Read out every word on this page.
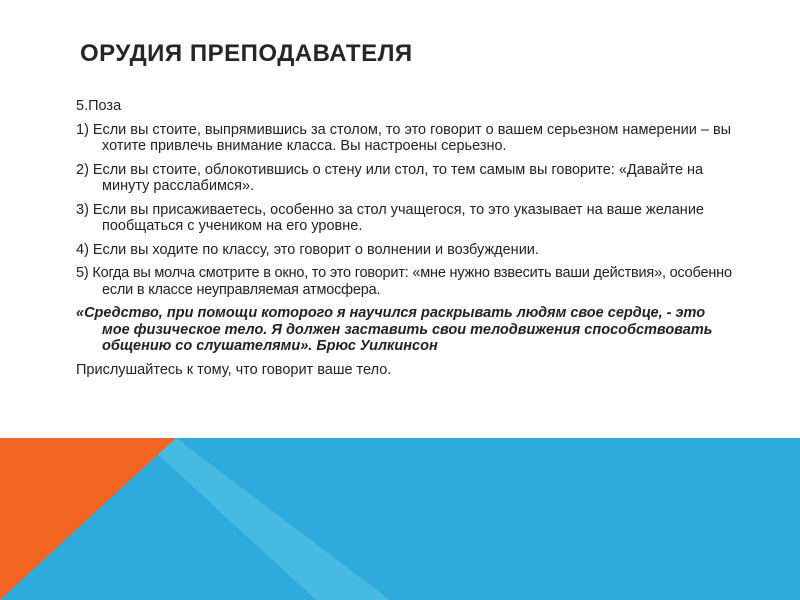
ОРУДИЯ ПРЕПОДАВАТЕЛЯ

5.Поза

1) Если вы стоите, выпрямившись за столом, то это говорит о вашем серьезном намерении – вы хотите привлечь внимание класса. Вы настроены серьезно.

2) Если вы стоите, облокотившись о стену или стол, то тем самым вы говорите: «Давайте на минуту расслабимся».

3) Если вы присаживаетесь, особенно за стол учащегося, то это указывает на ваше желание пообщаться с учеником на его уровне.

4) Если вы ходите по классу, это говорит о волнении и возбуждении.

5) Когда вы молча смотрите в окно, то это говорит: «мне нужно взвесить ваши действия», особенно если в классе неуправляемая атмосфера.

«Средство, при помощи которого я научился раскрывать людям свое сердце, - это мое физическое тело. Я должен заставить свои телодвижения способствовать общению со слушателями». Брюс Уилкинсон

Прислушайтесь к тому, что говорит ваше тело.
